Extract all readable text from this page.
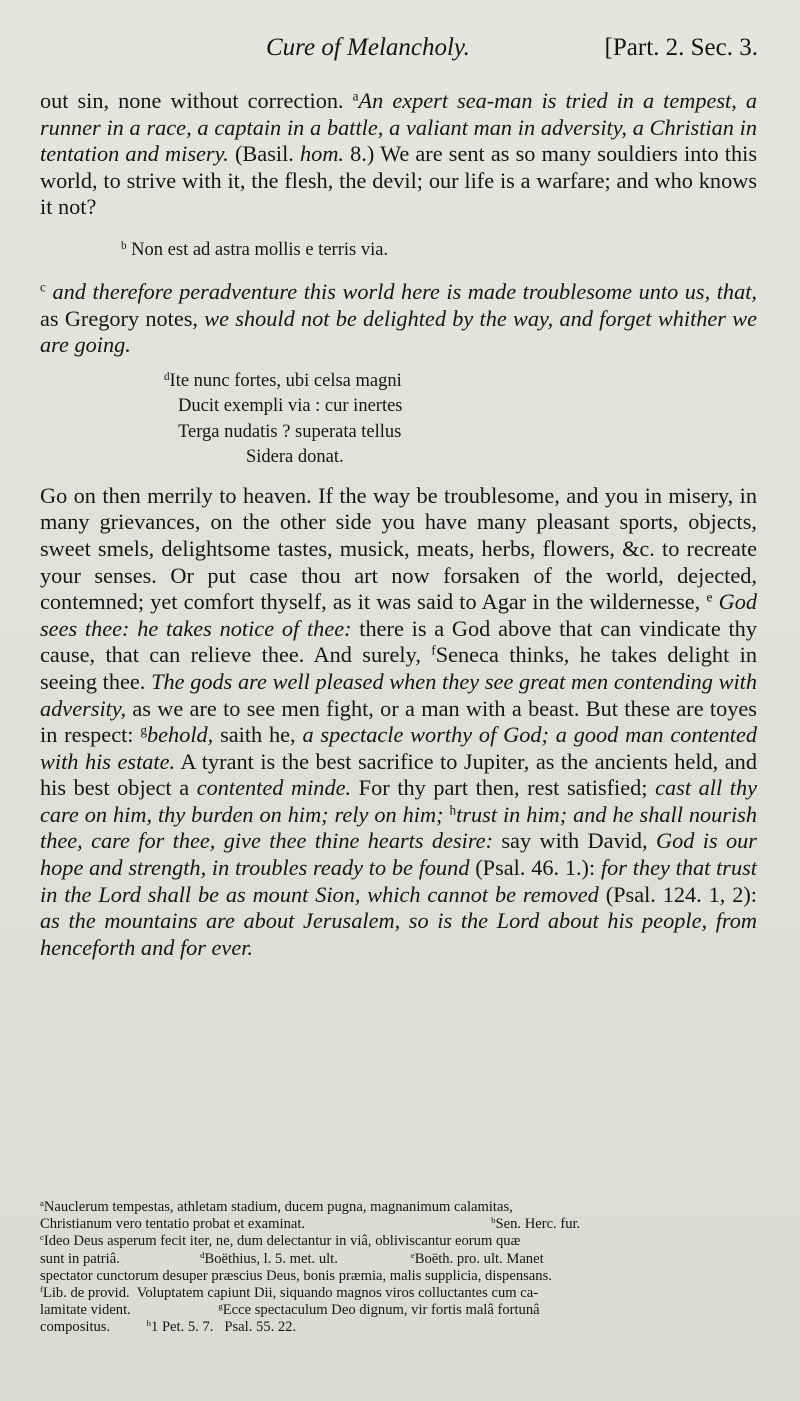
Cure of Melancholy.	[Part. 2. Sec. 3.

out sin, none without correction. $^a$An expert sea-man is tried in a tempest, a runner in a race, a captain in a battle, a valiant man in adversity, a Christian in tentation and misery. (Basil. hom. 8.) We are sent as so many souldiers into this world, to strive with it, the flesh, the devil; our life is a warfare; and who knows it not?

$^b$ Non est ad astra mollis e terris via.

$^c$ and therefore peradventure this world here is made troublesome unto us, that, as Gregory notes, we should not be delighted by the way, and forget whither we are going.

$^d$Ite nunc fortes, ubi celsa magni
Ducit exempli via : cur inertes
Terga nudatis ? superata tellus
Sidera donat.

Go on then merrily to heaven. If the way be troublesome, and you in misery, in many grievances, on the other side you have many pleasant sports, objects, sweet smels, delightsome tastes, musick, meats, herbs, flowers, &c. to recreate your senses. Or put case thou art now forsaken of the world, dejected, contemned; yet comfort thyself, as it was said to Agar in the wildernesse, $^e$ God sees thee: he takes notice of thee: there is a God above that can vindicate thy cause, that can relieve thee. And surely, $^f$Seneca thinks, he takes delight in seeing thee. The gods are well pleased when they see great men contending with adversity, as we are to see men fight, or a man with a beast. But these are toyes in respect: $^g$behold, saith he, a spectacle worthy of God; a good man contented with his estate. A tyrant is the best sacrifice to Jupiter, as the ancients held, and his best object a contented minde. For thy part then, rest satisfied; cast all thy care on him, thy burden on him; rely on him; $^h$trust in him; and he shall nourish thee, care for thee, give thee thine hearts desire: say with David, God is our hope and strength, in troubles ready to be found (Psal. 46. 1.): for they that trust in the Lord shall be as mount Sion, which cannot be removed (Psal. 124. 1, 2): as the mountains are about Jerusalem, so is the Lord about his people, from henceforth and for ever.

$^a$Nauclerum tempestas, athletam stadium, ducem pugna, magnanimum calamitas,
Christianum vero tentatio probat et examinat.	$^b$Sen. Herc. fur.
$^c$Ideo Deus asperum fecit iter, ne, dum delectantur in viâ, obliviscantur eorum quæ
sunt in patriâ.                      $^d$Boëthius, l. 5. met. ult.                    $^e$Boëth. pro. ult. Manet
spectator cunctorum desuper præscius Deus, bonis præmia, malis supplicia, dispensans.
$^f$Lib. de provid.  Voluptatem capiunt Dii, siquando magnos viros colluctantes cum ca-
lamitate vident.                        $^g$Ecce spectaculum Deo dignum, vir fortis malâ fortunâ
compositus.          $^h$1 Pet. 5. 7.   Psal. 55. 22.
